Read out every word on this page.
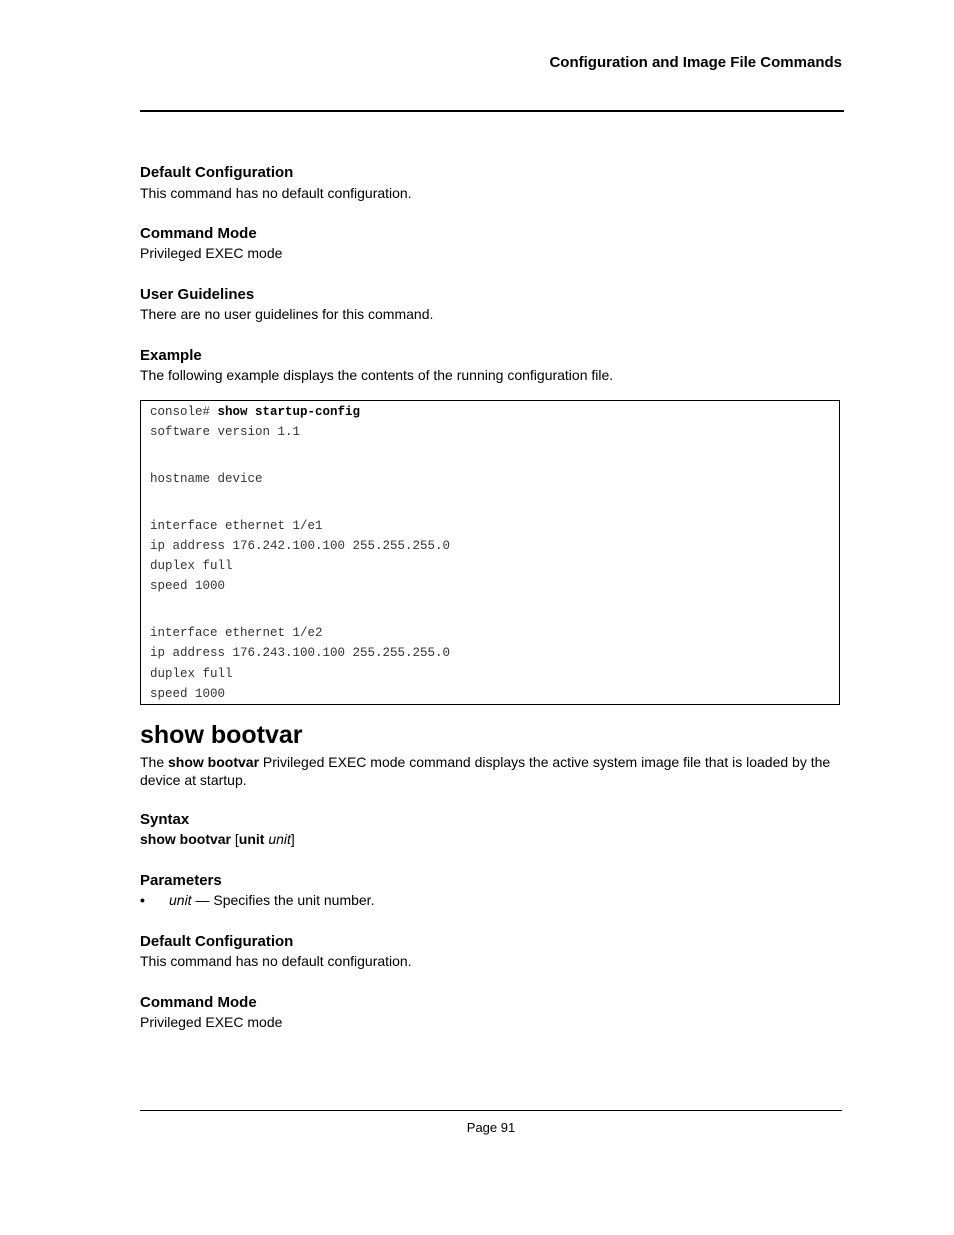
Configuration and Image File Commands
Default Configuration
This command has no default configuration.
Command Mode
Privileged EXEC mode
User Guidelines
There are no user guidelines for this command.
Example
The following example displays the contents of the running configuration file.
console# show startup-config
software version 1.1
hostname device
interface ethernet 1/e1
ip address 176.242.100.100 255.255.255.0
duplex full
speed 1000
interface ethernet 1/e2
ip address 176.243.100.100 255.255.255.0
duplex full
speed 1000
show bootvar
The show bootvar Privileged EXEC mode command displays the active system image file that is loaded by the device at startup.
Syntax
show bootvar [unit unit]
Parameters
• unit — Specifies the unit number.
Default Configuration
This command has no default configuration.
Command Mode
Privileged EXEC mode
Page 91
